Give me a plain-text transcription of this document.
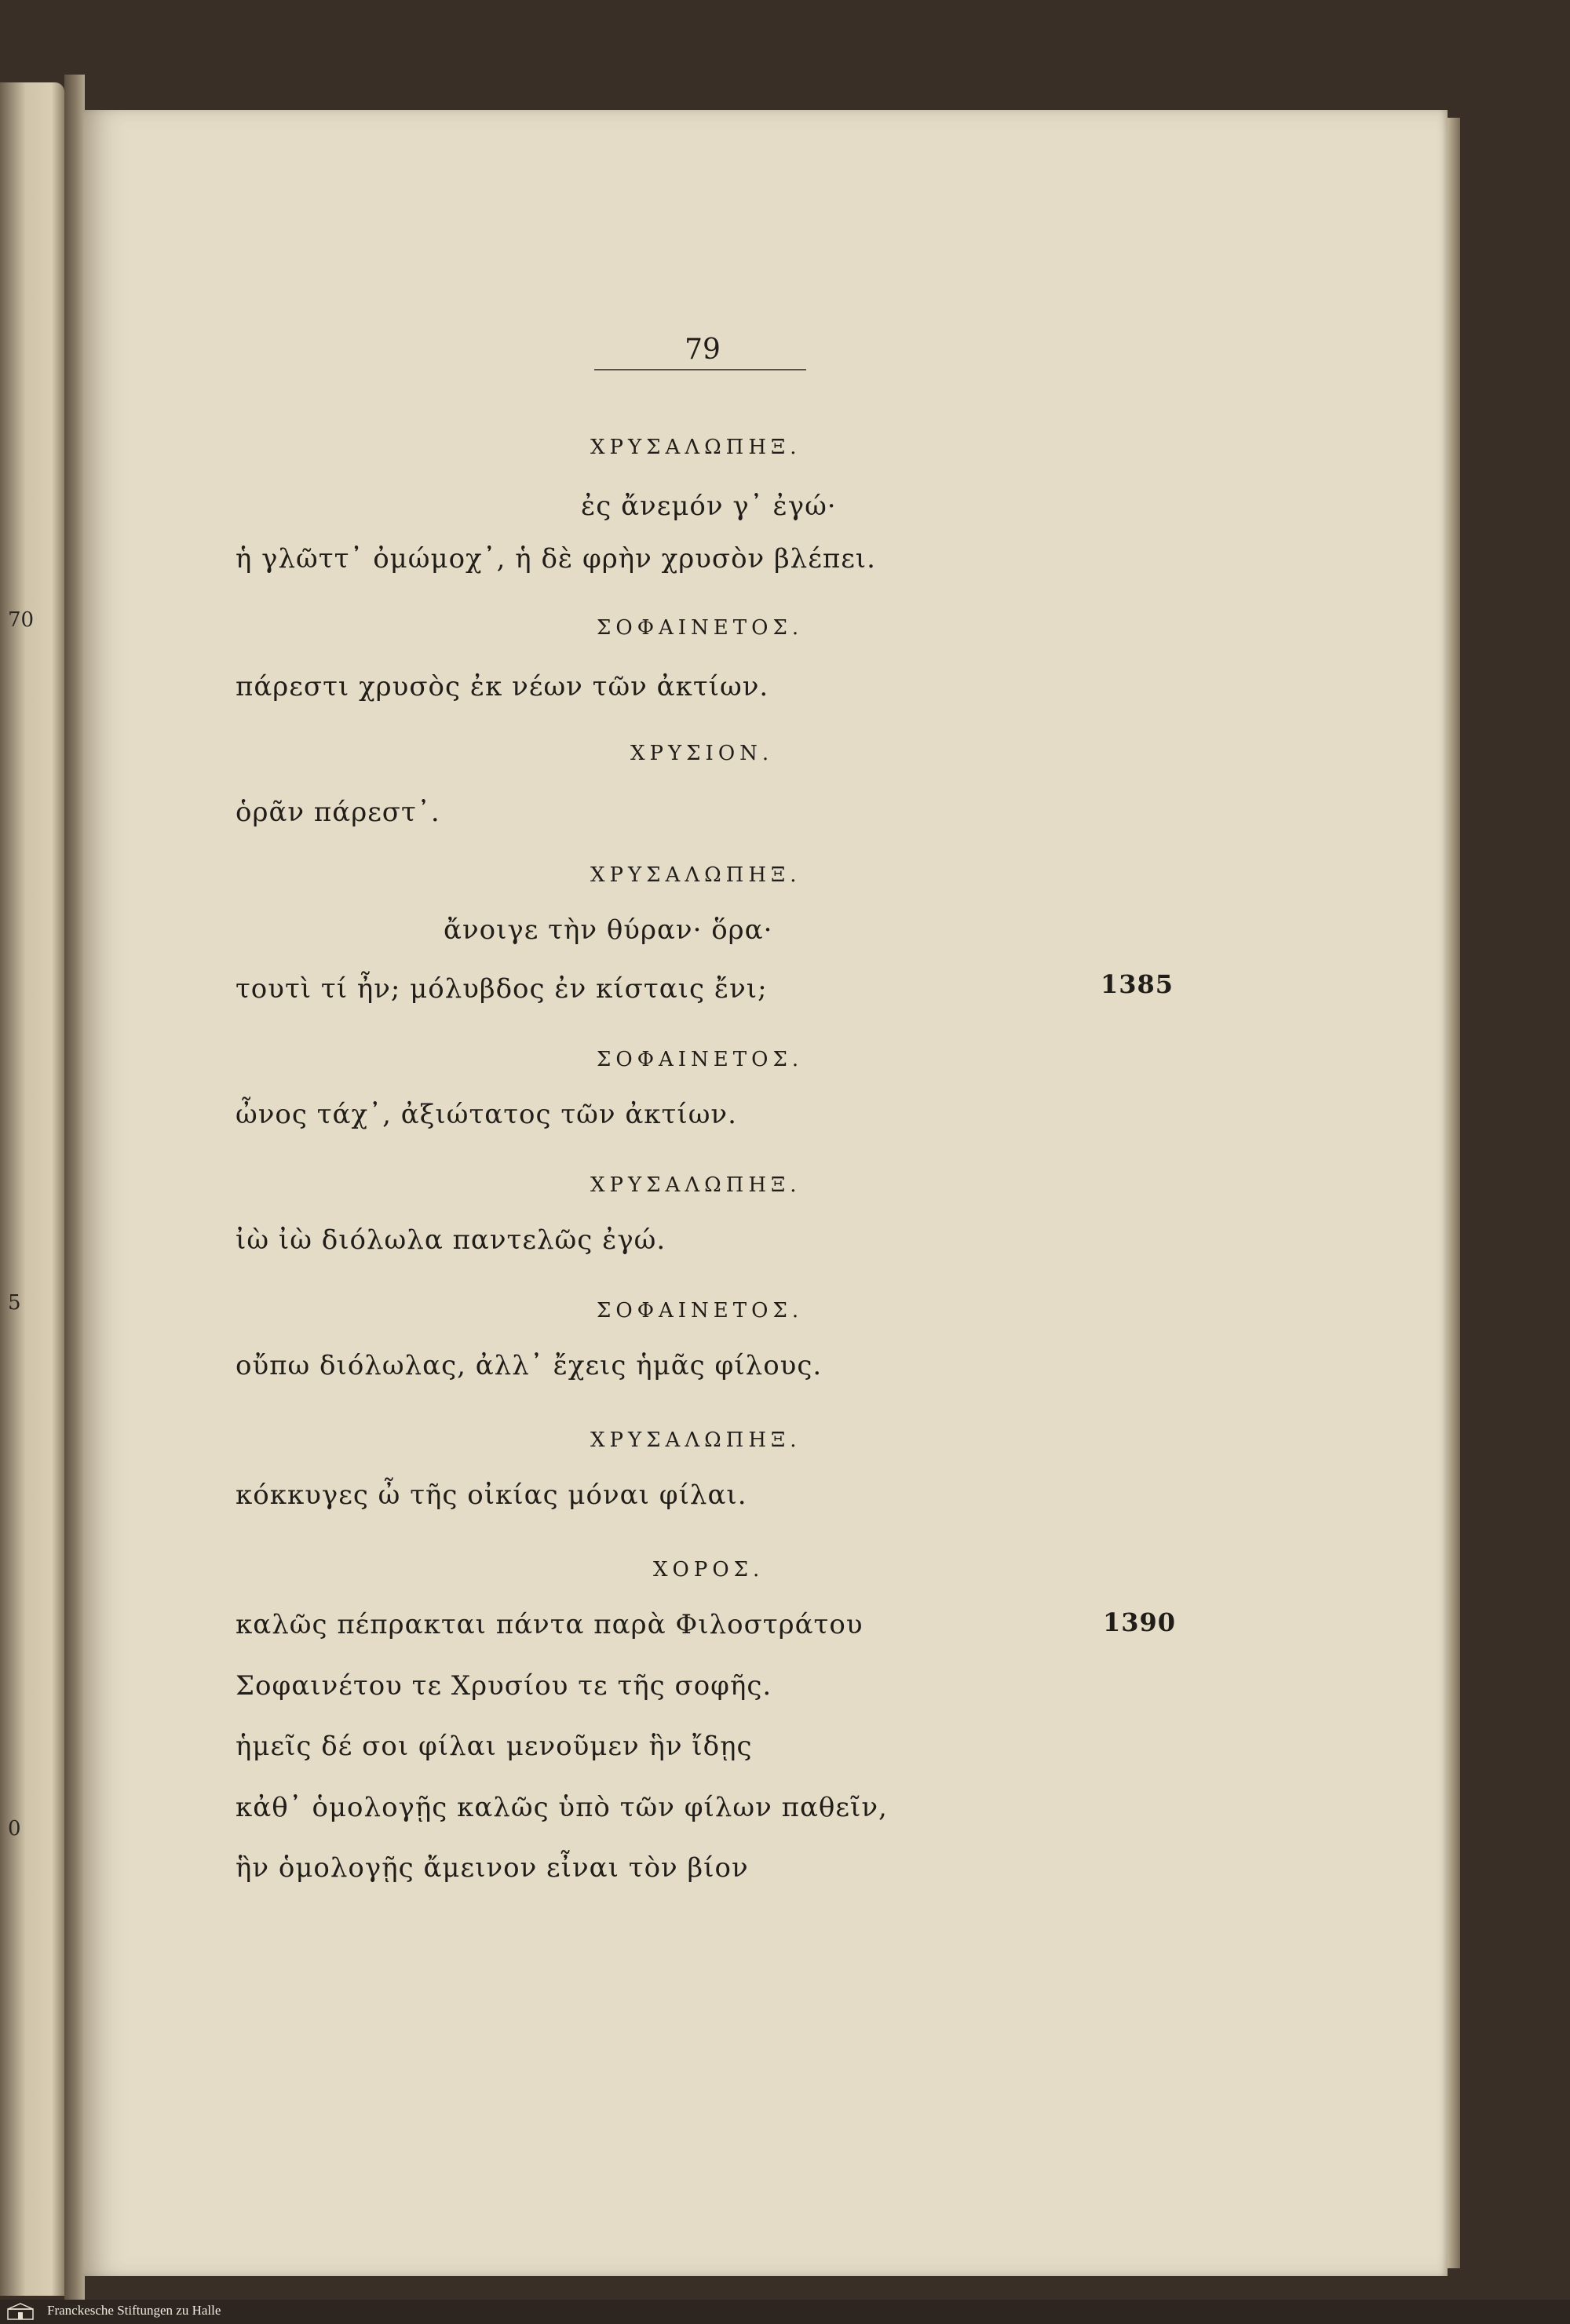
70
5
0
79
ΧΡΥΣΑΛΩΠΗΞ.
ἐς ἄνεμόν γ᾽ ἐγώ·
ἡ γλῶττ᾽ ὀμώμοχ᾽, ἡ δὲ φρὴν χρυσὸν βλέπει.
ΣΟΦΑΙΝΕΤΟΣ.
πάρεστι χρυσὸς ἐκ νέων τῶν ἀκτίων.
ΧΡΥΣΙΟΝ.
ὁρᾶν πάρεστ᾽.
ΧΡΥΣΑΛΩΠΗΞ.
ἄνοιγε τὴν θύραν· ὅρα·
τουτὶ τί ἦν; μόλυβδος ἐν κίσταις ἔνι;	1385
ΣΟΦΑΙΝΕΤΟΣ.
ὦνος τάχ᾽, ἀξιώτατος τῶν ἀκτίων.
ΧΡΥΣΑΛΩΠΗΞ.
ἰὼ ἰὼ διόλωλα παντελῶς ἐγώ.
ΣΟΦΑΙΝΕΤΟΣ.
οὔπω διόλωλας, ἀλλ᾽ ἔχεις ἡμᾶς φίλους.
ΧΡΥΣΑΛΩΠΗΞ.
κόκκυγες ὦ τῆς οἰκίας μόναι φίλαι.
ΧΟΡΟΣ.
καλῶς πέπρακται πάντα παρὰ Φιλοστράτου	1390
Σοφαινέτου τε Χρυσίου τε τῆς σοφῆς.
ἡμεῖς δέ σοι φίλαι μενοῦμεν ἣν ἴδῃς
κἀθ᾽ ὁμολογῇς καλῶς ὑπὸ τῶν φίλων παθεῖν,
ἣν ὁμολογῇς ἄμεινον εἶναι τὸν βίον
Franckesche Stiftungen zu Halle
